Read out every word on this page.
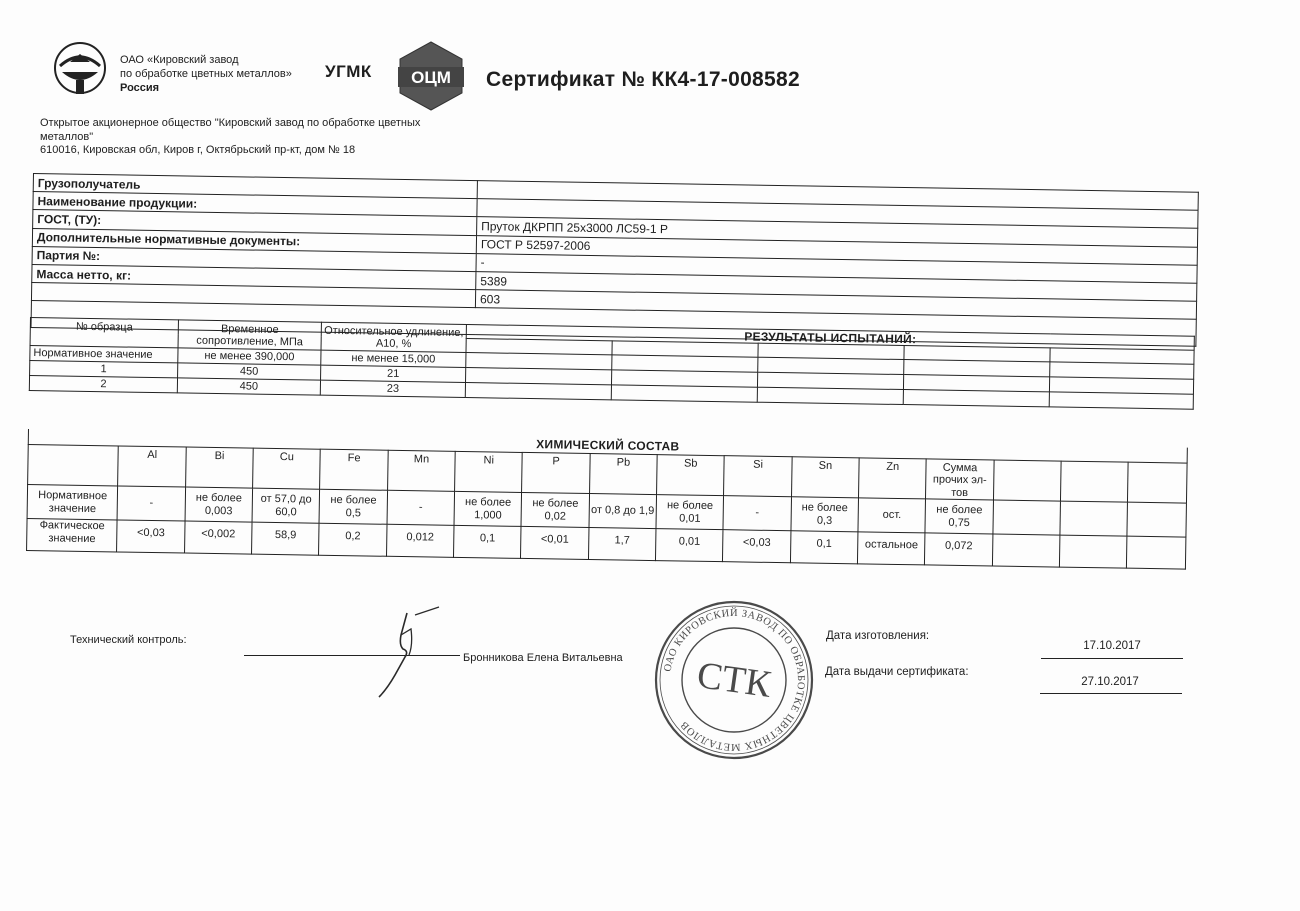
ОАО «Кировский завод
по обработке цветных металлов»
Россия
УГМК ОЦМ Сертификат № КК4-17-008582
Открытое акционерное общество "Кировский завод по обработке цветных
металлов"
610016, Кировская обл, Киров г, Октябрьский пр-кт, дом № 18
Грузополучатель	
Наименование продукции:	
ГОСТ, (ТУ):	Пруток ДКРПП 25х3000 ЛС59-1 Р
Дополнительные нормативные документы:	ГОСТ Р 52597-2006
Партия №:	-
Масса нетто, кг:	5389
	603

№ образца	Временное сопротивление, МПа	Относительное удлинение, А10, %	РЕЗУЛЬТАТЫ ИСПЫТАНИЙ:				

Нормативное значение	не менее 390,000	не менее 15,000					
1	450	21					
2	450	23					
ХИМИЧЕСКИЙ СОСТАВ																
	Al	Bi	Cu	Fe	Mn	Ni	P	Pb	Sb	Si	Sn	Zn	Сумма прочих эл-тов			
Нормативное значение	-	не более 0,003	от 57,0 до 60,0	не более 0,5	-	не более 1,000	не более 0,02	от 0,8 до 1,9	не более 0,01	-	не более 0,3	ост.	не более 0,75			
Фактическое значение	<0,03	<0,002	58,9	0,2	0,012	0,1	<0,01	1,7	0,01	<0,03	0,1	остальное	0,072			
Технический контроль:
Бронникова Елена Витальевна
Дата изготовления:
17.10.2017
Дата выдачи сертификата:
27.10.2017
ОАО КИРОВСКИЙ ЗАВОД ПО ОБРАБОТКЕ ЦВЕТНЫХ МЕТАЛЛОВ
СТК
